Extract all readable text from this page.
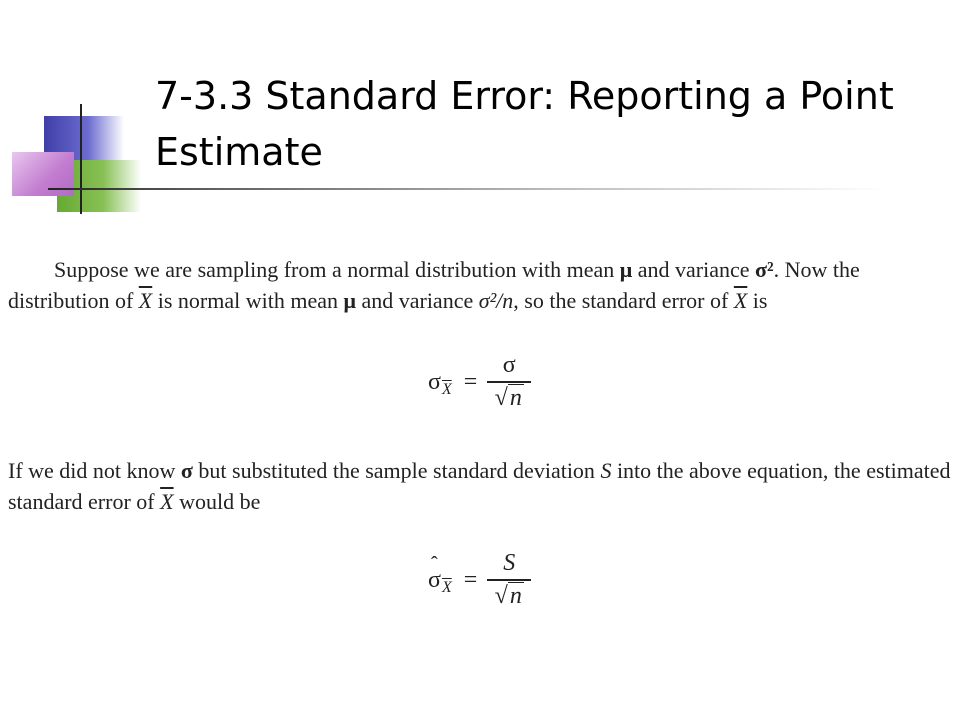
7-3.3 Standard Error: Reporting a Point Estimate
Suppose we are sampling from a normal distribution with mean μ and variance σ². Now the distribution of $\overline{X}$ is normal with mean μ and variance σ²/n, so the standard error of $\overline{X}$ is
σ $\overline{X} = \frac{\sigma}{√n}$
If we did not know σ but substituted the sample standard deviation S into the above equation, the estimated standard error of $\overline{X}$ would be
ˆ σ $\overline{X} = \frac{S}{√n}$
